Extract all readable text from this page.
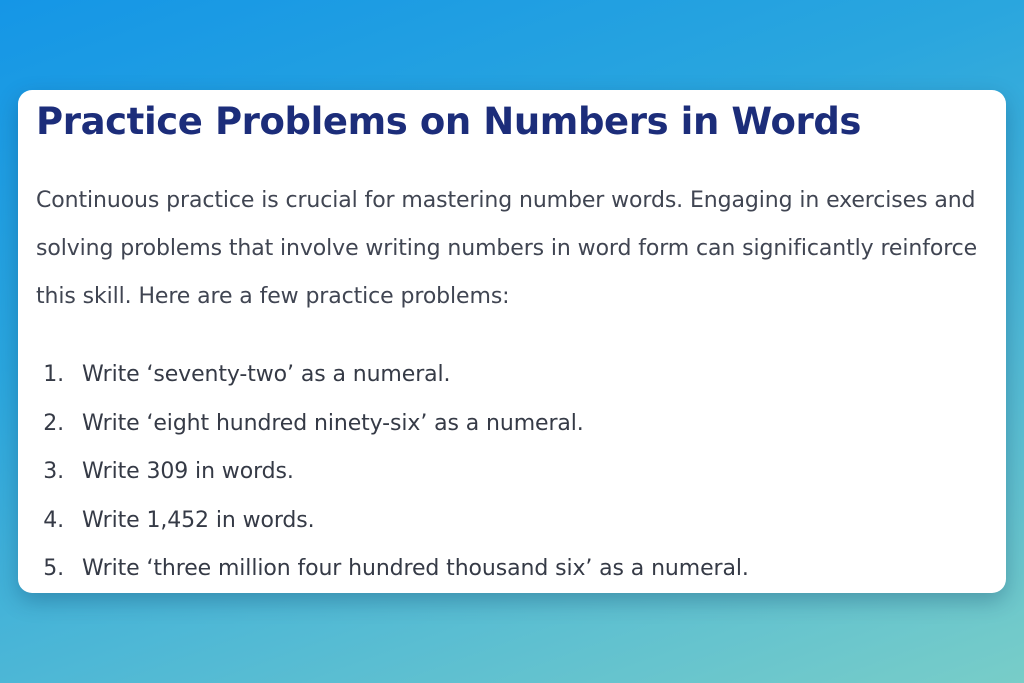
Practice Problems on Numbers in Words

Continuous practice is crucial for mastering number words. Engaging in exercises and solving problems that involve writing numbers in word form can significantly reinforce this skill. Here are a few practice problems:

1. Write ‘seventy-two’ as a numeral.
2. Write ‘eight hundred ninety-six’ as a numeral.
3. Write 309 in words.
4. Write 1,452 in words.
5. Write ‘three million four hundred thousand six’ as a numeral.
